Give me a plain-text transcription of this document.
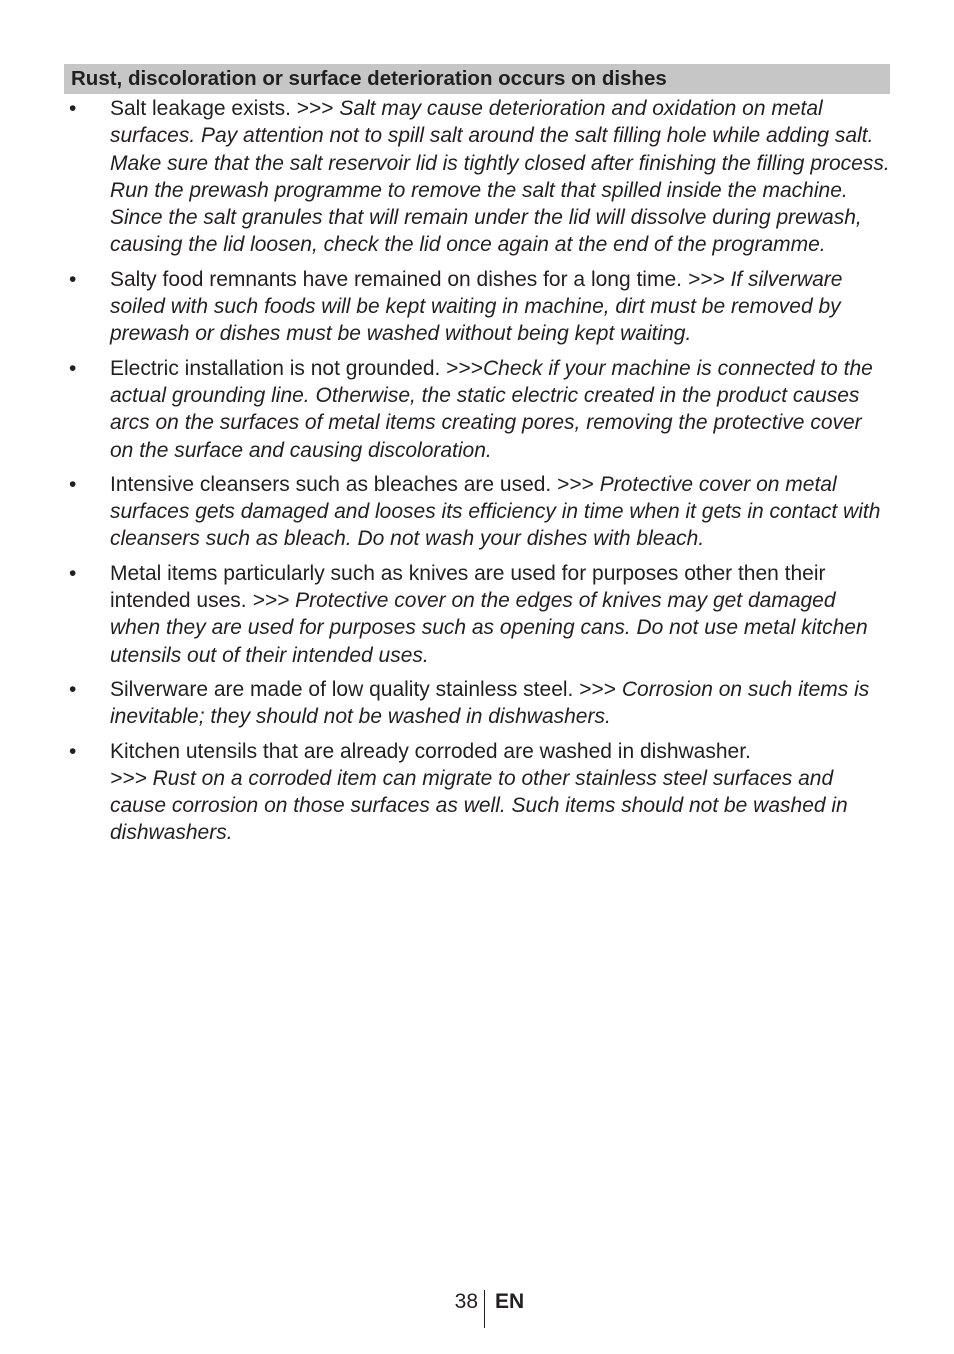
Rust, discoloration or surface deterioration occurs on dishes
• Salt leakage exists. >>> Salt may cause deterioration and oxidation on metal surfaces. Pay attention not to spill salt around the salt filling hole while adding salt. Make sure that the salt reservoir lid is tightly closed after finishing the filling process. Run the prewash programme to remove the salt that spilled inside the machine. Since the salt granules that will remain under the lid will dissolve during prewash, causing the lid loosen, check the lid once again at the end of the programme.
• Salty food remnants have remained on dishes for a long time. >>> If silverware soiled with such foods will be kept waiting in machine, dirt must be removed by prewash or dishes must be washed without being kept waiting.
• Electric installation is not grounded. >>>Check if your machine is connected to the actual grounding line. Otherwise, the static electric created in the product causes arcs on the surfaces of metal items creating pores, removing the protective cover on the surface and causing discoloration.
• Intensive cleansers such as bleaches are used. >>> Protective cover on metal surfaces gets damaged and looses its efficiency in time when it gets in contact with cleansers such as bleach. Do not wash your dishes with bleach.
• Metal items particularly such as knives are used for purposes other then their intended uses. >>> Protective cover on the edges of knives may get damaged when they are used for purposes such as opening cans. Do not use metal kitchen utensils out of their intended uses.
• Silverware are made of low quality stainless steel. >>> Corrosion on such items is inevitable; they should not be washed in dishwashers.
• Kitchen utensils that are already corroded are washed in dishwasher.
>>> Rust on a corroded item can migrate to other stainless steel surfaces and cause corrosion on those surfaces as well. Such items should not be washed in dishwashers.
38 EN
